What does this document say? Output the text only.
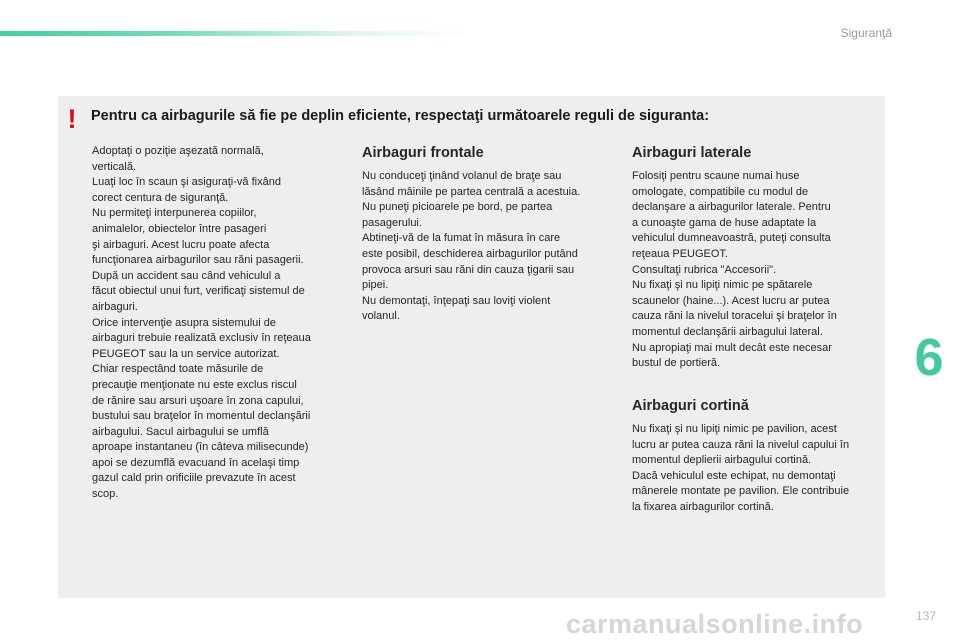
Siguranţă
! Pentru ca airbagurile să fie pe deplin eficiente, respectaţi următoarele reguli de siguranta:
Adoptaţi o poziţie aşezată normală,
verticală.
Luaţi loc în scaun şi asiguraţi-vă fixând
corect centura de siguranţă.
Nu permiteţi interpunerea copiilor,
animalelor, obiectelor între pasageri
şi airbaguri. Acest lucru poate afecta
funcţionarea airbagurilor sau răni pasagerii.
După un accident sau când vehiculul a
făcut obiectul unui furt, verificaţi sistemul de
airbaguri.
Orice intervenţie asupra sistemului de
airbaguri trebuie realizată exclusiv în reţeaua
PEUGEOT sau la un service autorizat.
Chiar respectând toate măsurile de
precauţie menţionate nu este exclus riscul
de rănire sau arsuri uşoare în zona capului,
bustului sau braţelor în momentul declanşării
airbagului. Sacul airbagului se umflă
aproape instantaneu (în câteva milisecunde)
apoi se dezumflă evacuand în acelaşi timp
gazul cald prin orificiile prevazute în acest
scop.
Airbaguri frontale
Nu conduceţi ţinând volanul de braţe sau
lăsând mâinile pe partea centrală a acestuia.
Nu puneţi picioarele pe bord, pe partea
pasagerului.
Abtineţi-vă de la fumat în măsura în care
este posibil, deschiderea airbagurilor putând
provoca arsuri sau răni din cauza ţigarii sau
pipei.
Nu demontaţi, înţepaţi sau loviţi violent
volanul.
Airbaguri laterale
Folosiţi pentru scaune numai huse
omologate, compatibile cu modul de
declanşare a airbagurilor laterale. Pentru
a cunoaşte gama de huse adaptate la
vehiculul dumneavoastră, puteţi consulta
reţeaua PEUGEOT.
Consultaţi rubrica "Accesorii".
Nu fixaţi şi nu lipiţi nimic pe spătarele
scaunelor (haine...). Acest lucru ar putea
cauza răni la nivelul toracelui şi braţelor în
momentul declanşării airbagului lateral.
Nu apropiaţi mai mult decât este necesar
bustul de portieră.
Airbaguri cortină
Nu fixaţi şi nu lipiţi nimic pe pavilion, acest
lucru ar putea cauza răni la nivelul capului în
momentul deplierii airbagului cortină.
Dacă vehiculul este echipat, nu demontaţi
mânerele montate pe pavilion. Ele contribuie
la fixarea airbagurilor cortină.
6
carmanualsonline.info	137
